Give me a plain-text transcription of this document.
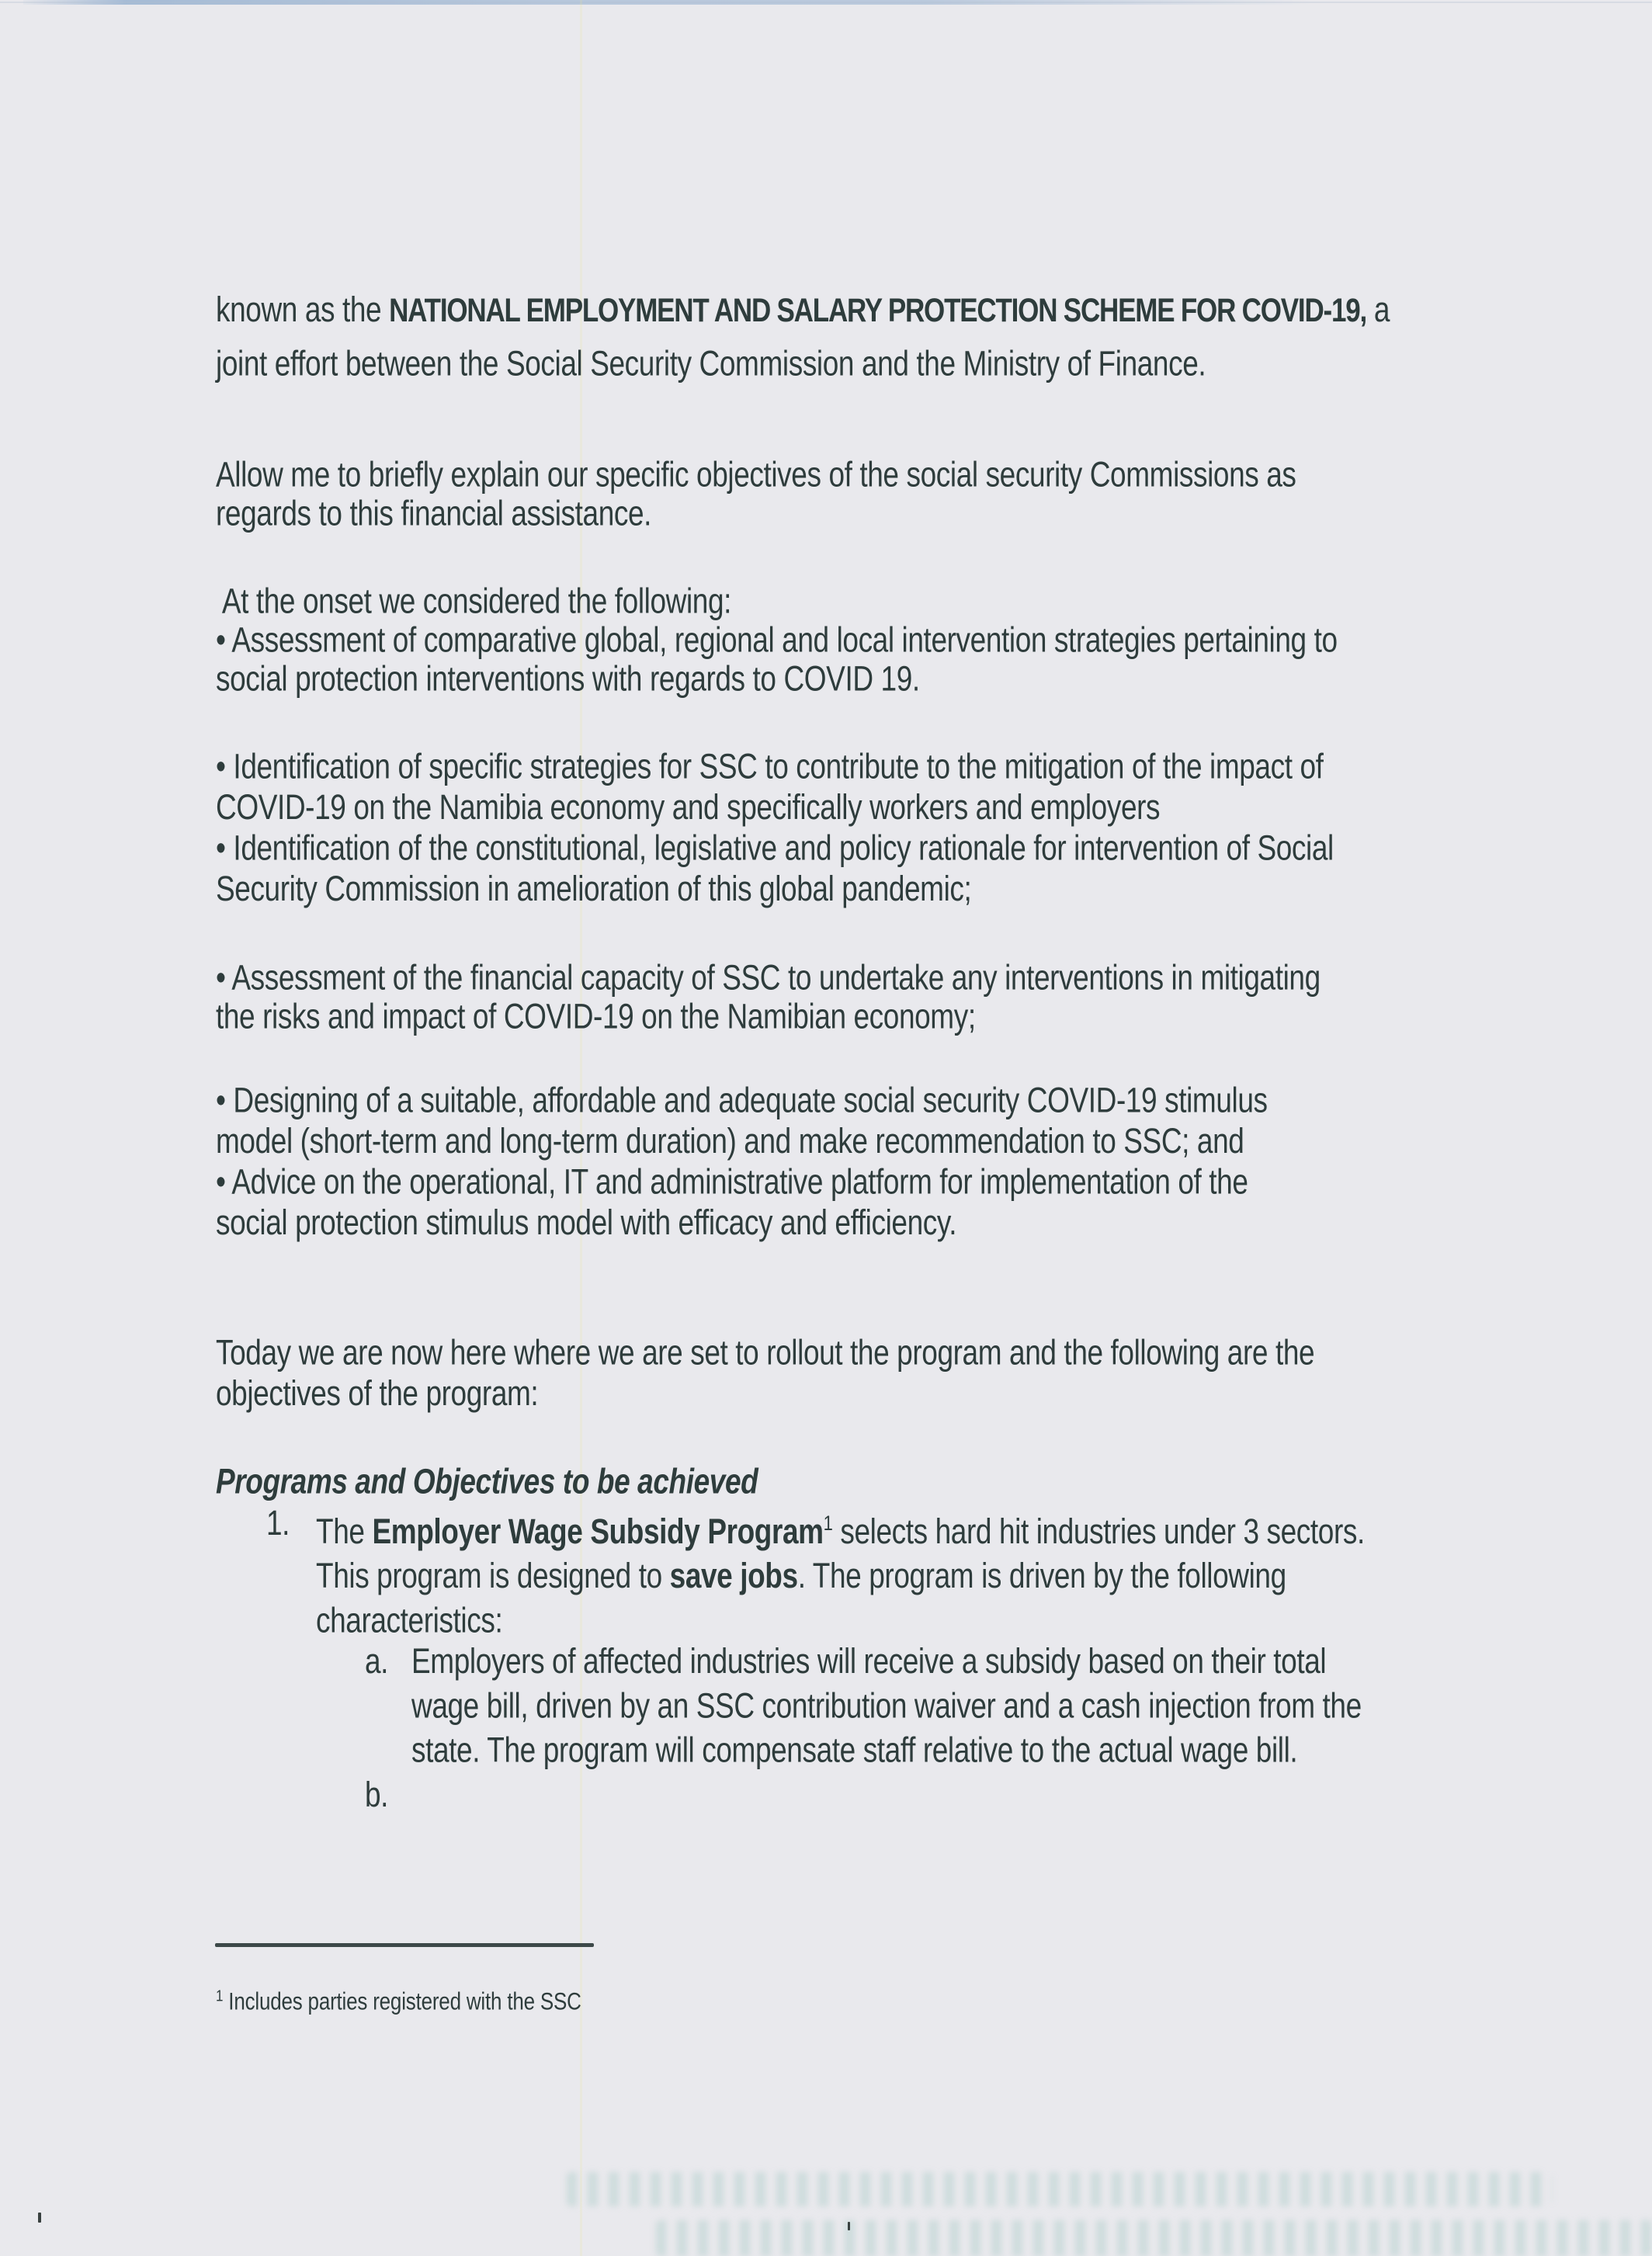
known as the NATIONAL EMPLOYMENT AND SALARY PROTECTION SCHEME FOR COVID-19, a
joint effort between the Social Security Commission and the Ministry of Finance.
Allow me to briefly explain our specific objectives of the social security Commissions as
regards to this financial assistance.
At the onset we considered the following:
• Assessment of comparative global, regional and local intervention strategies pertaining to
social protection interventions with regards to COVID 19.
• Identification of specific strategies for SSC to contribute to the mitigation of the impact of
COVID-19 on the Namibia economy and specifically workers and employers
• Identification of the constitutional, legislative and policy rationale for intervention of Social
Security Commission in amelioration of this global pandemic;
• Assessment of the financial capacity of SSC to undertake any interventions in mitigating
the risks and impact of COVID-19 on the Namibian economy;
• Designing of a suitable, affordable and adequate social security COVID-19 stimulus
model (short-term and long-term duration) and make recommendation to SSC; and
• Advice on the operational, IT and administrative platform for implementation of the
social protection stimulus model with efficacy and efficiency.
Today we are now here where we are set to rollout the program and the following are the
objectives of the program:
Programs and Objectives to be achieved
1. The Employer Wage Subsidy Program$^1$ selects hard hit industries under 3 sectors.
This program is designed to save jobs. The program is driven by the following
characteristics:
a. Employers of affected industries will receive a subsidy based on their total
wage bill, driven by an SSC contribution waiver and a cash injection from the
state. The program will compensate staff relative to the actual wage bill.
b.
$^1$ Includes parties registered with the SSC
